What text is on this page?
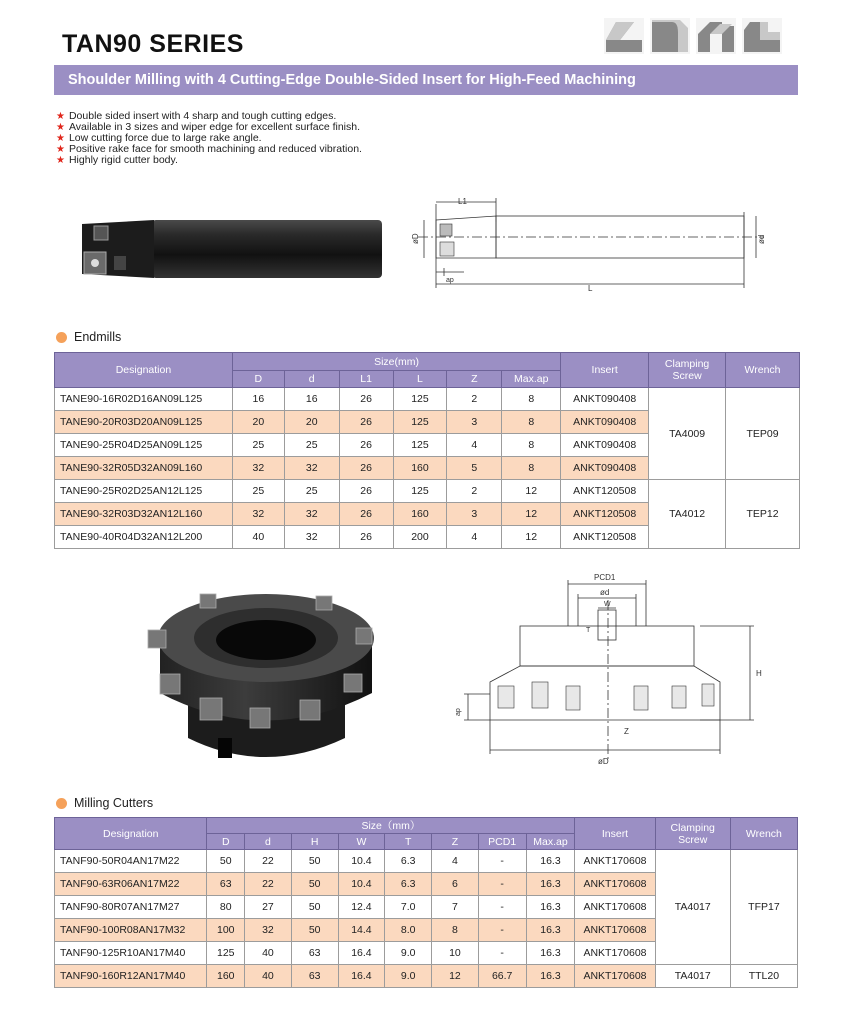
TAN90 SERIES
Shoulder Milling with 4 Cutting-Edge Double-Sided Insert for High-Feed Machining
★ Double sided insert with 4 sharp and tough cutting edges.
★ Available in 3 sizes and wiper edge for excellent surface finish.
★ Low cutting force due to large rake angle.
★ Positive rake face for smooth machining and reduced vibration.
★ Highly rigid cutter body.
L1
L
øD	ød
ap
Endmills
Designation	Size(mm)						Insert	Clamping Screw	Wrench
	D	d	L1	L	Z	Max.ap			
TANE90-16R02D16AN09L125	16	16	26	125	2	8	ANKT090408	TA4009	TEP09
TANE90-20R03D20AN09L125	20	20	26	125	3	8	ANKT090408		
TANE90-25R04D25AN09L125	25	25	26	125	4	8	ANKT090408		
TANE90-32R05D32AN09L160	32	32	26	160	5	8	ANKT090408		
TANE90-25R02D25AN12L125	25	25	26	125	2	12	ANKT120508	TA4012	TEP12
TANE90-32R03D32AN12L160	32	32	26	160	3	12	ANKT120508		
TANE90-40R04D32AN12L200	40	32	26	200	4	12	ANKT120508		
PCD1
ød
W
T
H
øD
Z
ap
Milling Cutters
Designation	Size（mm）								Insert	Clamping Screw	Wrench
	D	d	H	W	T	Z	PCD1	Max.ap			
TANF90-50R04AN17M22	50	22	50	10.4	6.3	4	-	16.3	ANKT170608	TA4017	TFP17
TANF90-63R06AN17M22	63	22	50	10.4	6.3	6	-	16.3	ANKT170608		
TANF90-80R07AN17M27	80	27	50	12.4	7.0	7	-	16.3	ANKT170608		
TANF90-100R08AN17M32	100	32	50	14.4	8.0	8	-	16.3	ANKT170608		
TANF90-125R10AN17M40	125	40	63	16.4	9.0	10	-	16.3	ANKT170608		
TANF90-160R12AN17M40	160	40	63	16.4	9.0	12	66.7	16.3	ANKT170608	TA4017	TTL20
